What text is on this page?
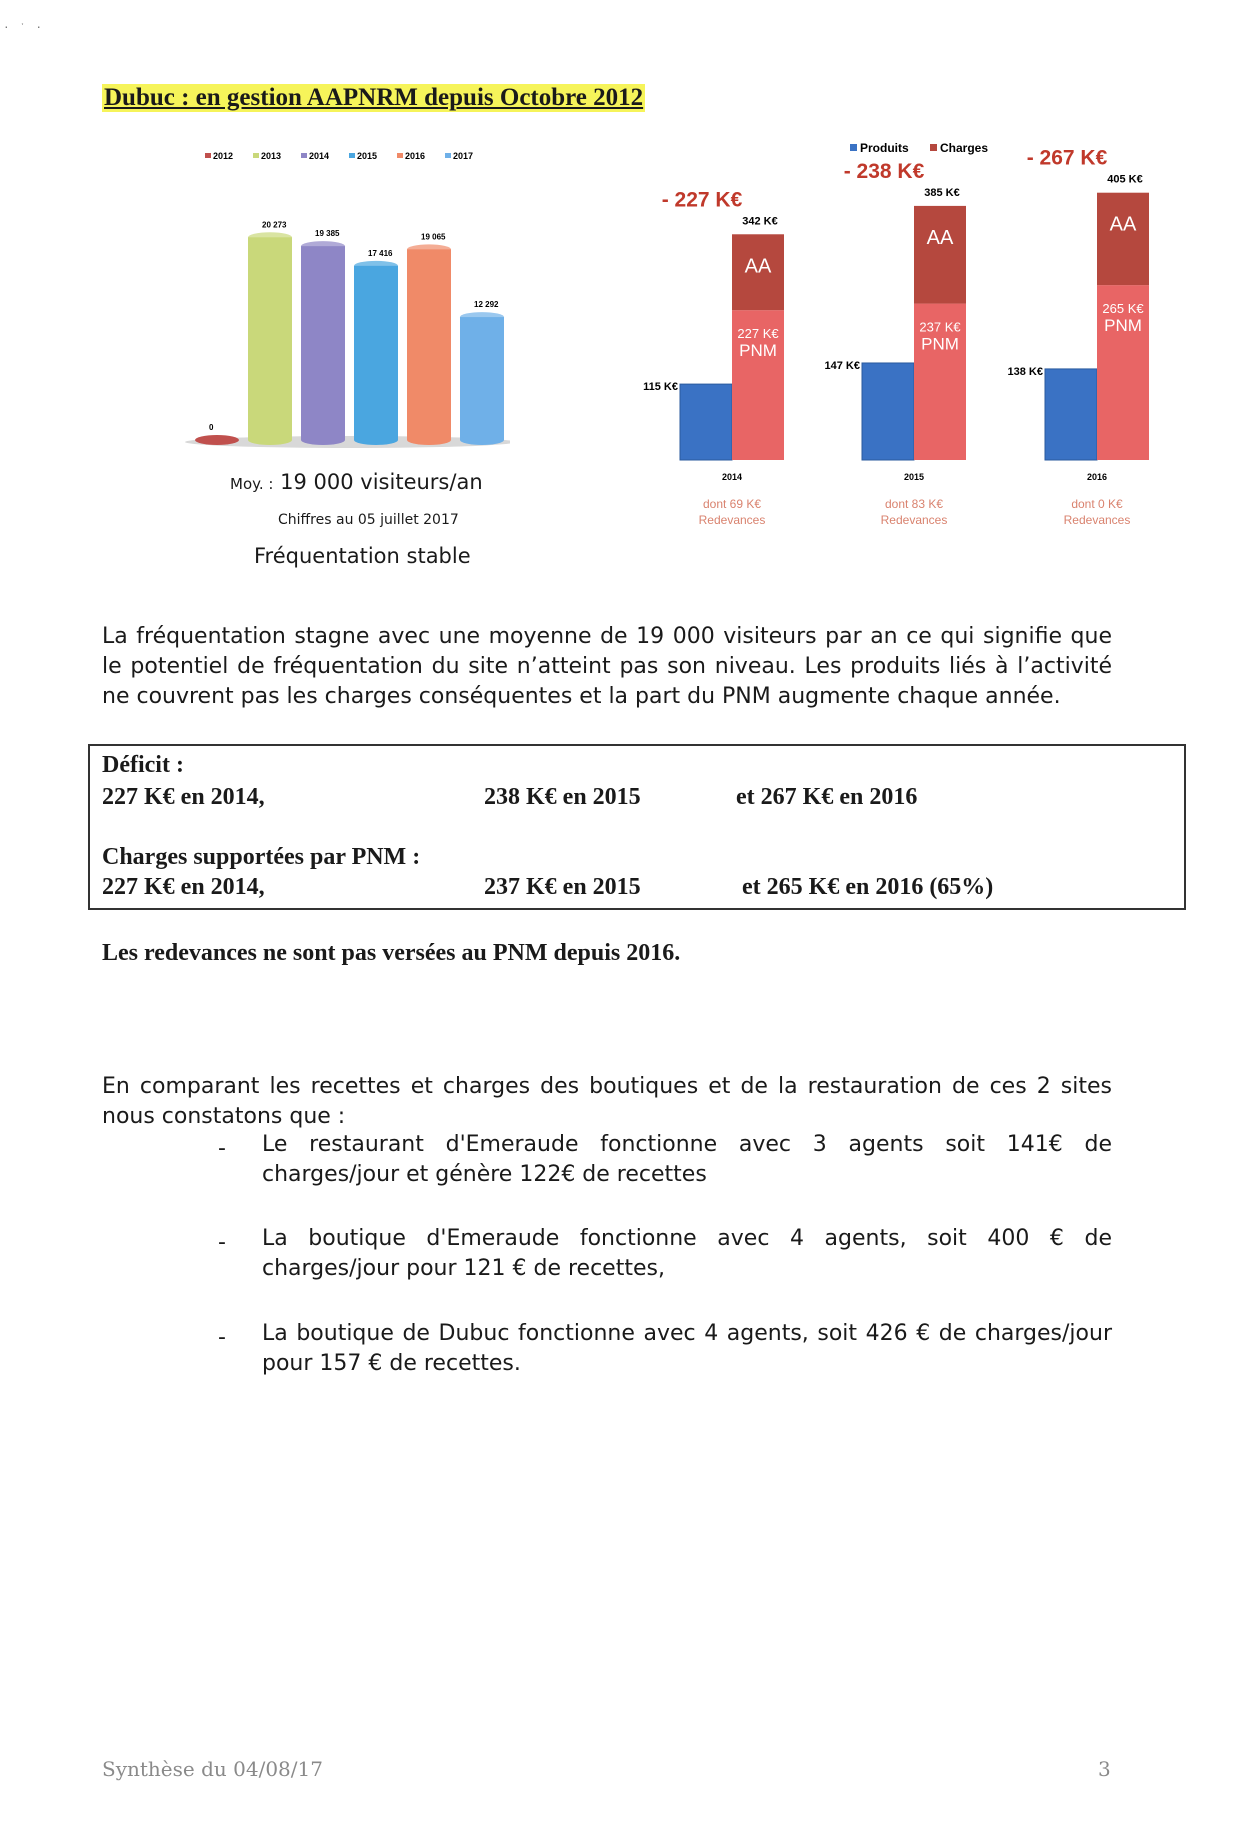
· ˑ ·
Dubuc : en gestion AAPNRM depuis Octobre 2012
2012	2013	2014	2015	2016	2017
0
20 273
19 385
17 416
19 065
12 292
Moy. : 19 000 visiteurs/an
Chiffres au 05 juillet 2017
Fréquentation stable
Produits	Charges
115 K€
AA
227 K€
PNM
342 K€
- 227 K€
2014
dont 69 K€
Redevances
147 K€
AA
237 K€
PNM
385 K€
- 238 K€
2015
dont 83 K€
Redevances
138 K€
AA
265 K€
PNM
405 K€
- 267 K€
2016
dont 0 K€
Redevances
La fréquentation stagne avec une moyenne de 19 000 visiteurs par an ce qui signifie que le potentiel de fréquentation du site n’atteint pas son niveau. Les produits liés à l’activité ne couvrent pas les charges conséquentes et la part du PNM augmente chaque année.
Déficit :
227 K€ en 2014,	238 K€ en 2015	et 267 K€ en 2016
Charges supportées par PNM :
227 K€ en 2014,	237 K€ en 2015	et 265 K€ en 2016 (65%)
Les redevances ne sont pas versées au PNM depuis 2016.
En comparant les recettes et charges des boutiques et de la restauration de ces 2 sites nous constatons que :
- Le restaurant d'Emeraude fonctionne avec 3 agents soit 141€ de charges/jour et génère 122€ de recettes
- La boutique d'Emeraude fonctionne avec 4 agents, soit 400 € de charges/jour pour 121 € de recettes,
- La boutique de Dubuc fonctionne avec 4 agents, soit 426 € de charges/jour pour 157 € de recettes.
Synthèse du 04/08/17	3
